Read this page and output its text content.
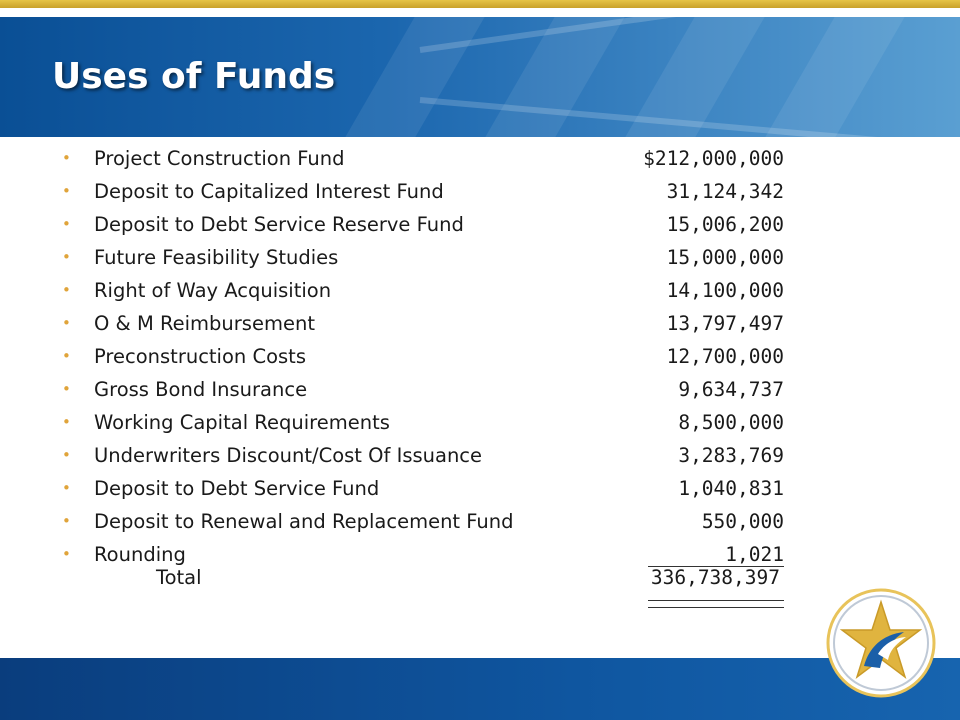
Uses of Funds
• Project Construction Fund	$212,000,000
• Deposit to Capitalized Interest Fund	31,124,342
• Deposit to Debt Service Reserve Fund	15,006,200
• Future Feasibility Studies	15,000,000
• Right of Way Acquisition	14,100,000
• O & M Reimbursement	13,797,497
• Preconstruction Costs	12,700,000
• Gross Bond Insurance	9,634,737
• Working Capital Requirements	8,500,000
• Underwriters Discount/Cost Of Issuance	3,283,769
• Deposit to Debt Service Fund	1,040,831
• Deposit to Renewal and Replacement Fund	550,000
• Rounding	1,021
Total	336,738,397
